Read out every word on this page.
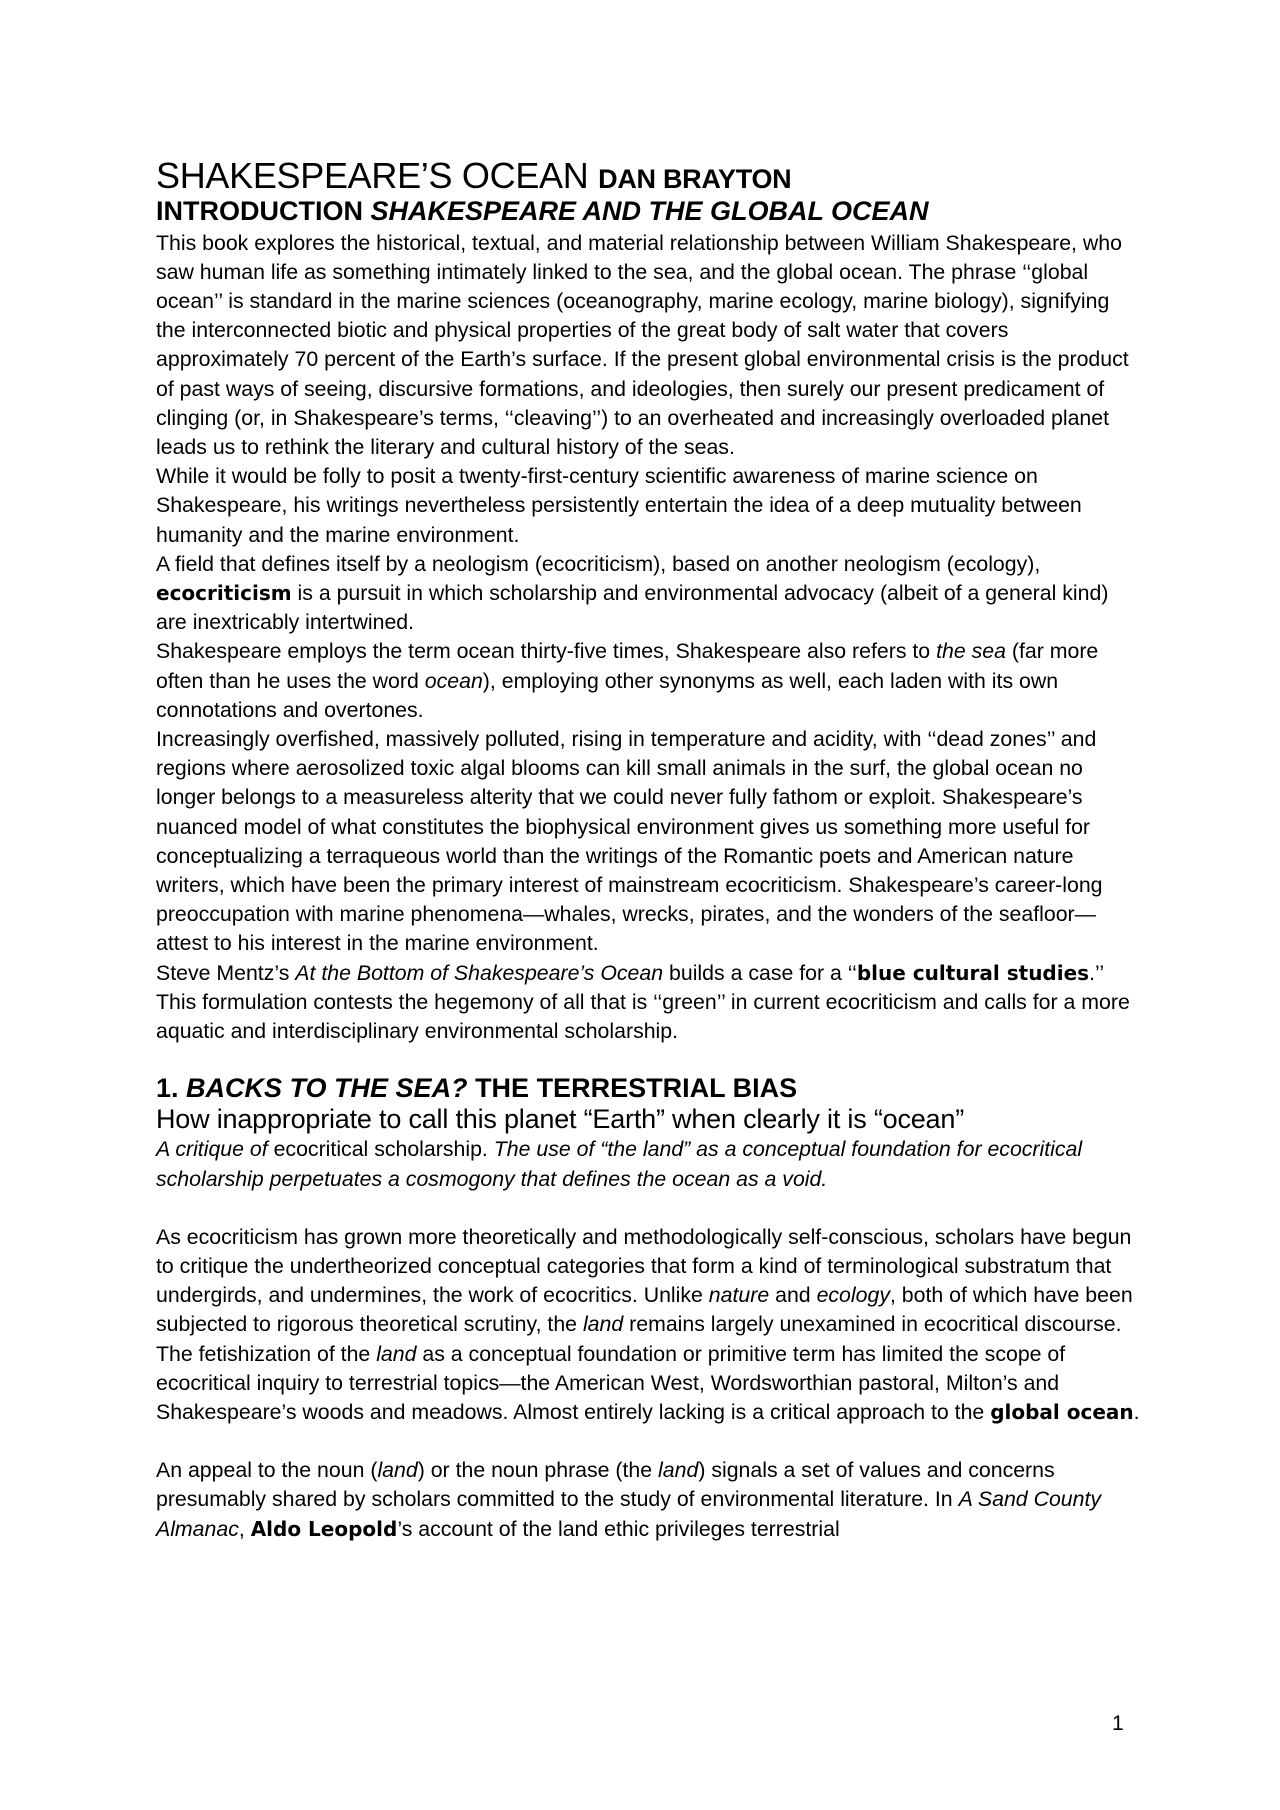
SHAKESPEARE’S OCEAN DAN BRAYTON
INTRODUCTION SHAKESPEARE AND THE GLOBAL OCEAN

This book explores the historical, textual, and material relationship between William Shakespeare, who saw human life as something intimately linked to the sea, and the global ocean. The phrase ‘‘global ocean’’ is standard in the marine sciences (oceanography, marine ecology, marine biology), signifying the interconnected biotic and physical properties of the great body of salt water that covers approximately 70 percent of the Earth’s surface. If the present global environmental crisis is the product of past ways of seeing, discursive formations, and ideologies, then surely our present predicament of clinging (or, in Shakespeare’s terms, ‘‘cleaving’’) to an overheated and increasingly overloaded planet leads us to rethink the literary and cultural history of the seas.

While it would be folly to posit a twenty-first-century scientific awareness of marine science on Shakespeare, his writings nevertheless persistently entertain the idea of a deep mutuality between humanity and the marine environment.

A field that defines itself by a neologism (ecocriticism), based on another neologism (ecology), ecocriticism is a pursuit in which scholarship and environmental advocacy (albeit of a general kind) are inextricably intertwined.

Shakespeare employs the term ocean thirty-five times, Shakespeare also refers to the sea (far more often than he uses the word ocean), employing other synonyms as well, each laden with its own connotations and overtones.

Increasingly overfished, massively polluted, rising in temperature and acidity, with ‘‘dead zones’’ and regions where aerosolized toxic algal blooms can kill small animals in the surf, the global ocean no longer belongs to a measureless alterity that we could never fully fathom or exploit. Shakespeare’s nuanced model of what constitutes the biophysical environment gives us something more useful for conceptualizing a terraqueous world than the writings of the Romantic poets and American nature writers, which have been the primary interest of mainstream ecocriticism. Shakespeare’s career-long preoccupation with marine phenomena—whales, wrecks, pirates, and the wonders of the seafloor—attest to his interest in the marine environment.

Steve Mentz’s At the Bottom of Shakespeare’s Ocean builds a case for a ‘‘blue cultural studies.’’ This formulation contests the hegemony of all that is ‘‘green’’ in current ecocriticism and calls for a more aquatic and interdisciplinary environmental scholarship.

1. BACKS TO THE SEA? THE TERRESTRIAL BIAS
How inappropriate to call this planet “Earth” when clearly it is “ocean”

A critique of ecocritical scholarship. The use of “the land” as a conceptual foundation for ecocritical scholarship perpetuates a cosmogony that defines the ocean as a void.

As ecocriticism has grown more theoretically and methodologically self-conscious, scholars have begun to critique the undertheorized conceptual categories that form a kind of terminological substratum that undergirds, and undermines, the work of ecocritics. Unlike nature and ecology, both of which have been subjected to rigorous theoretical scrutiny, the land remains largely unexamined in ecocritical discourse. The fetishization of the land as a conceptual foundation or primitive term has limited the scope of ecocritical inquiry to terrestrial topics—the American West, Wordsworthian pastoral, Milton’s and Shakespeare’s woods and meadows. Almost entirely lacking is a critical approach to the global ocean.

An appeal to the noun (land) or the noun phrase (the land) signals a set of values and concerns presumably shared by scholars committed to the study of environmental literature. In A Sand County Almanac, Aldo Leopold’s account of the land ethic privileges terrestrial

1
